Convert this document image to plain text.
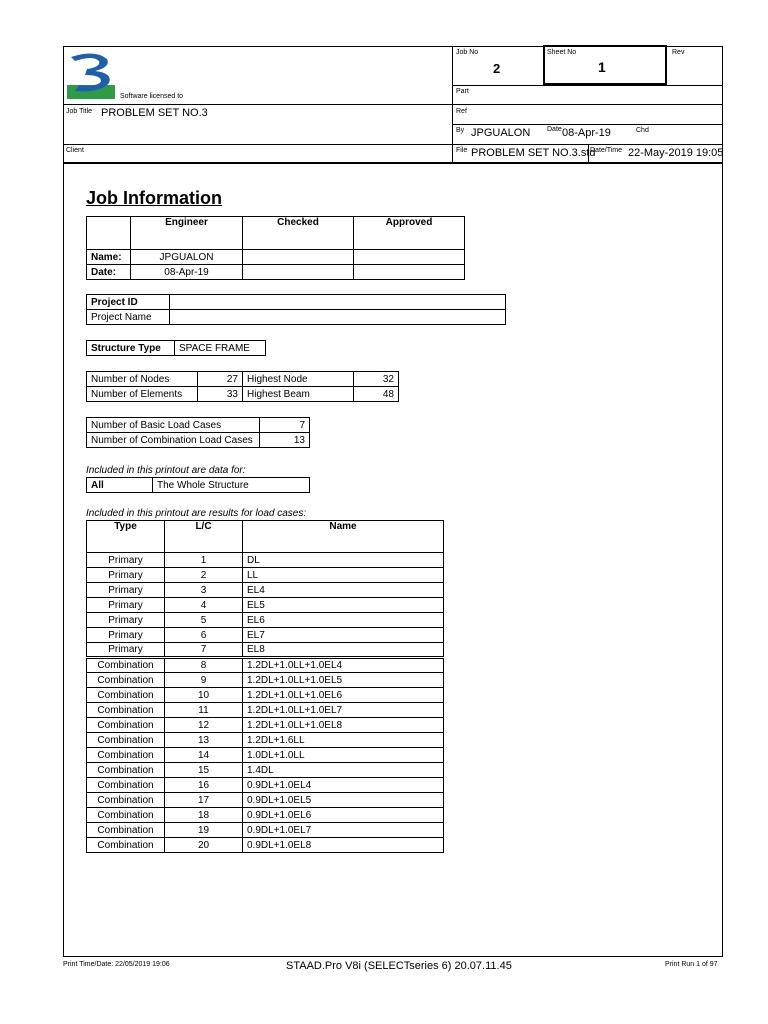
Software licensed to
Job No
2
Sheet No
1
Rev
Part
Ref
Job Title PROBLEM SET NO.3
By JPGUALON Date 08-Apr-19	Chd
Client	File PROBLEM SET NO.3.std
Date/Time 22-May-2019 19:05
Job Information
	Engineer	Checked	Approved
Name:	JPGUALON		
Date:	08-Apr-19		
Project ID	
Project Name	
Structure Type	SPACE FRAME
Number of Nodes	27	Highest Node	32
Number of Elements	33	Highest Beam	48
Number of Basic Load Cases	7
Number of Combination Load Cases	13
Included in this printout are data for:
All	The Whole Structure
Included in this printout are results for load cases:
Type	L/C	Name
Primary	1	DL
Primary	2	LL
Primary	3	EL4
Primary	4	EL5
Primary	5	EL6
Primary	6	EL7
Primary	7	EL8
Combination	8	1.2DL+1.0LL+1.0EL4
Combination	9	1.2DL+1.0LL+1.0EL5
Combination	10	1.2DL+1.0LL+1.0EL6
Combination	11	1.2DL+1.0LL+1.0EL7
Combination	12	1.2DL+1.0LL+1.0EL8
Combination	13	1.2DL+1.6LL
Combination	14	1.0DL+1.0LL
Combination	15	1.4DL
Combination	16	0.9DL+1.0EL4
Combination	17	0.9DL+1.0EL5
Combination	18	0.9DL+1.0EL6
Combination	19	0.9DL+1.0EL7
Combination	20	0.9DL+1.0EL8
Print Time/Date: 22/05/2019 19:06	STAAD.Pro V8i (SELECTseries 6) 20.07.11.45	Print Run 1 of 97
